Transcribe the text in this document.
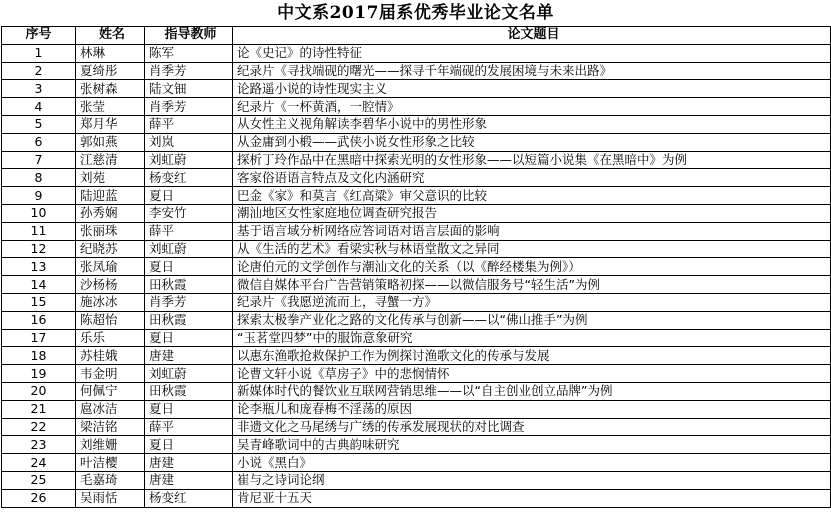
中文系2017届系优秀毕业论文名单
序号	姓名	指导教师	论文题目
1	林琳	陈军	论《史记》的诗性特征
2	夏绮彤	肖季芳	纪录片《寻找端砚的曙光——探寻千年端砚的发展困境与未来出路》
3	张树森	陆文钿	论路遥小说的诗性现实主义
4	张莹	肖季芳	纪录片《一杯黄酒，一腔情》
5	郑月华	薛平	从女性主义视角解读李碧华小说中的男性形象
6	郭如燕	刘岚	从金庸到小椴——武侠小说女性形象之比较
7	江慈清	刘虹蔚	探析丁玲作品中在黑暗中探索光明的女性形象——以短篇小说集《在黑暗中》为例
8	刘苑	杨变红	客家俗语语言特点及文化内涵研究
9	陆迎蓝	夏日	巴金《家》和莫言《红高粱》审父意识的比较
10	孙秀娴	李安竹	潮汕地区女性家庭地位调查研究报告
11	张丽珠	薛平	基于语言域分析网络应答词语对语言层面的影响
12	纪晓苏	刘虹蔚	从《生活的艺术》看梁实秋与林语堂散文之异同
13	张凤瑜	夏日	论唐伯元的文学创作与潮汕文化的关系（以《醉经楼集为例》）
14	沙杨杨	田秋霞	微信自媒体平台广告营销策略初探——以微信服务号“轻生活”为例
15	施冰冰	肖季芳	纪录片《我愿逆流而上，寻蟹一方》
16	陈超怡	田秋霞	探索太极拳产业化之路的文化传承与创新——以“佛山推手”为例
17	乐乐	夏日	“玉茗堂四梦”中的服饰意象研究
18	苏桂娥	唐建	以惠东渔歌抢救保护工作为例探讨渔歌文化的传承与发展
19	韦金明	刘虹蔚	论曹文轩小说《草房子》中的悲悯情怀
20	何佩宁	田秋霞	新媒体时代的餐饮业互联网营销思维——以“自主创业创立品牌”为例
21	扈冰洁	夏日	论李瓶儿和庞春梅不淫荡的原因
22	梁洁铭	薛平	非遗文化之马尾绣与广绣的传承发展现状的对比调查
23	刘维姗	夏日	吴青峰歌词中的古典韵味研究
24	叶洁樱	唐建	小说《黑白》
25	毛嘉琦	唐建	崔与之诗词论纲
26	吴雨恬	杨变红	肯尼亚十五天
